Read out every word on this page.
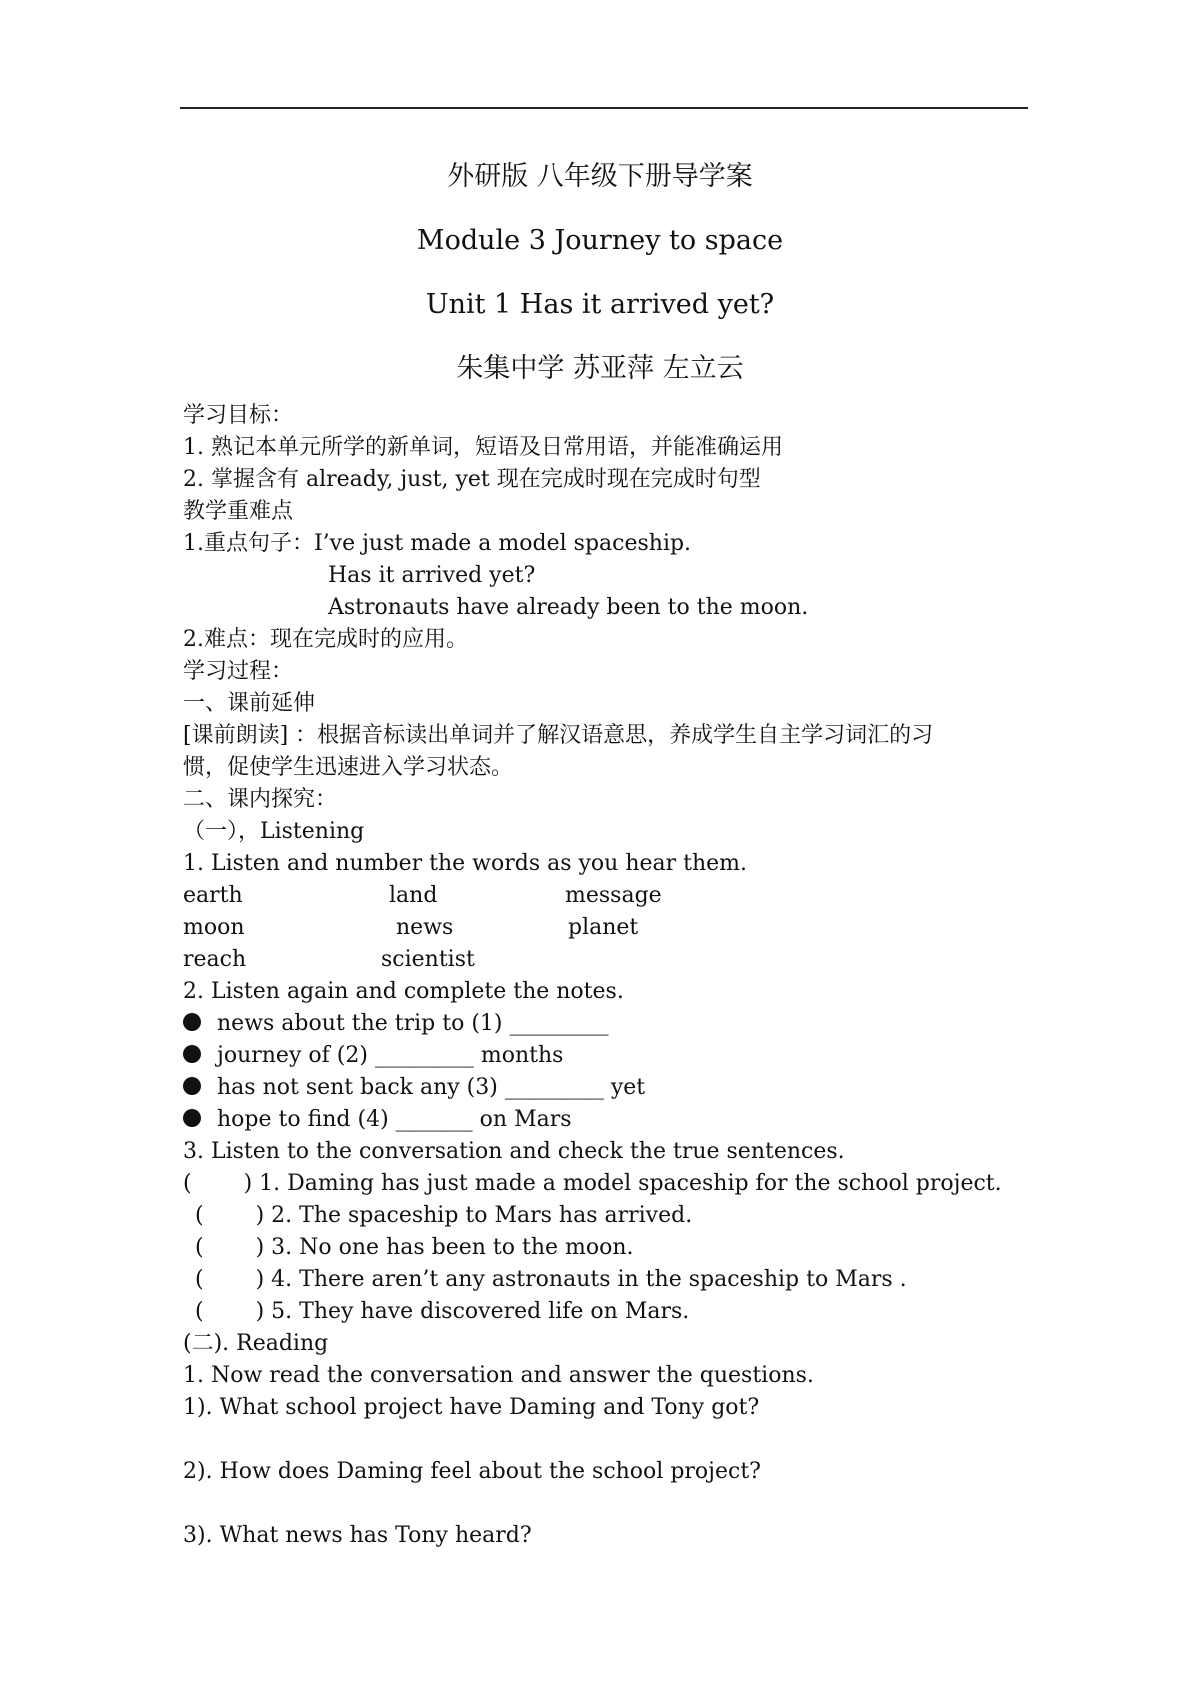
外研版 八年级下册导学案
Module 3 Journey to space
Unit 1 Has it arrived yet?
朱集中学 苏亚萍 左立云
学习目标：
1. 熟记本单元所学的新单词，短语及日常用语，并能准确运用
2. 掌握含有 already, just, yet 现在完成时现在完成时句型
教学重难点
1.重点句子：I’ve just made a model spaceship.
Has it arrived yet?
Astronauts have already been to the moon.
2.难点：现在完成时的应用。
学习过程：
一、课前延伸
[课前朗读] ：根据音标读出单词并了解汉语意思，养成学生自主学习词汇的习
惯，促使学生迅速进入学习状态。
二、课内探究：
（一），Listening
1. Listen and number the words as you hear them.
earth	land	message
moon	news	planet
reach	scientist
2. Listen again and complete the notes.
news about the trip to (1) _________
journey of (2) _________ months
has not sent back any (3) _________ yet
hope to find (4) _______ on Mars
3. Listen to the conversation and check the true sentences.
( ) 1. Daming has just made a model spaceship for the school project.
( ) 2. The spaceship to Mars has arrived.
( ) 3. No one has been to the moon.
( ) 4. There aren’t any astronauts in the spaceship to Mars .
( ) 5. They have discovered life on Mars.
(二). Reading
1. Now read the conversation and answer the questions.
1). What school project have Daming and Tony got?
2). How does Daming feel about the school project?
3). What news has Tony heard?
